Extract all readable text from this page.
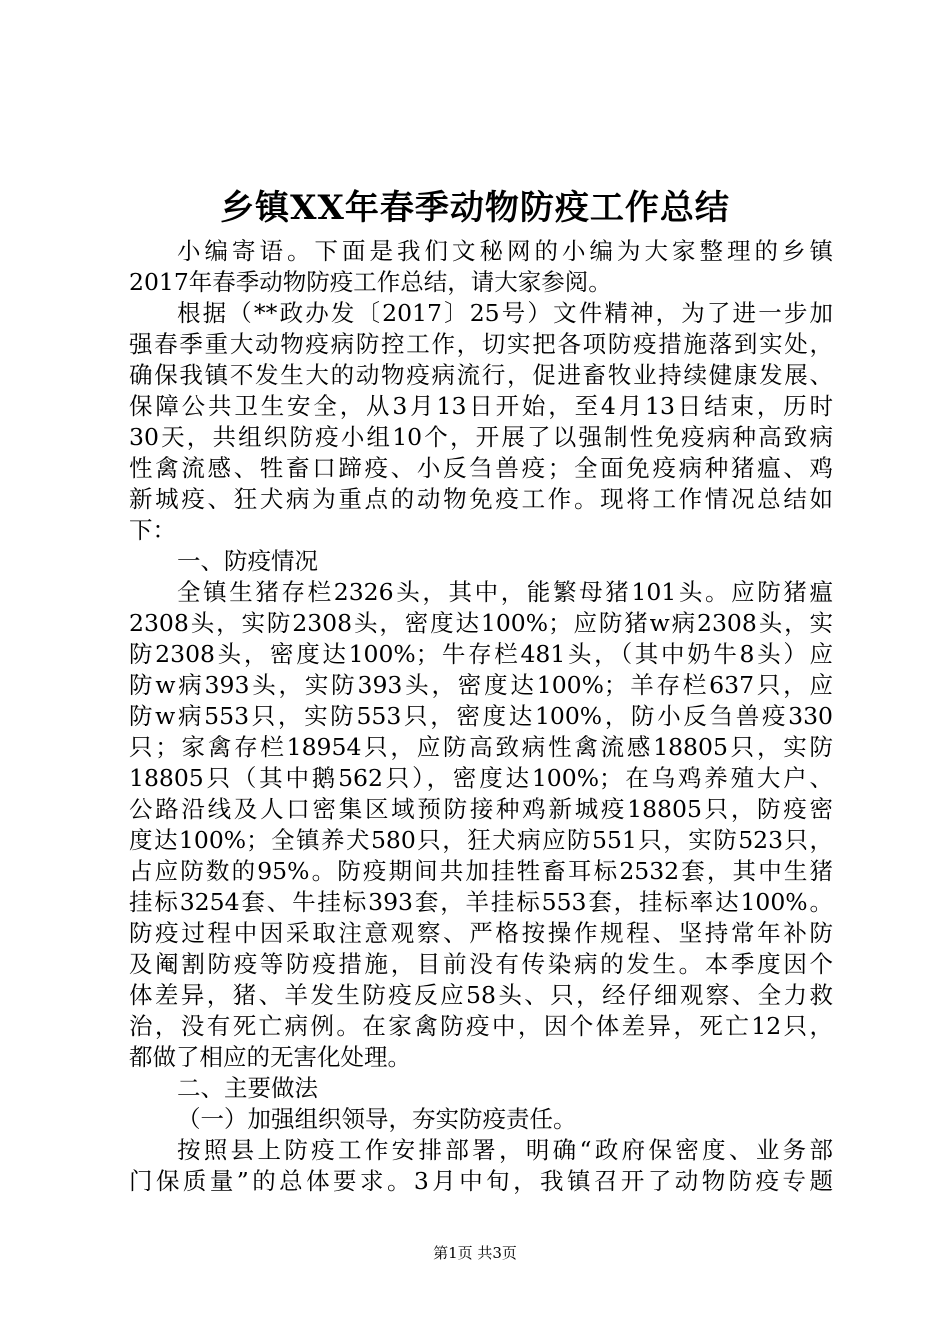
乡镇XX年春季动物防疫工作总结
小编寄语。下面是我们文秘网的小编为大家整理的乡镇
2017年春季动物防疫工作总结，请大家参阅。
根据（**政办发〔2017〕25号）文件精神，为了进一步加
强春季重大动物疫病防控工作，切实把各项防疫措施落到实处，
确保我镇不发生大的动物疫病流行，促进畜牧业持续健康发展、
保障公共卫生安全，从3月13日开始，至4月13日结束，历时
30天，共组织防疫小组10个，开展了以强制性免疫病种高致病
性禽流感、牲畜口蹄疫、小反刍兽疫；全面免疫病种猪瘟、鸡
新城疫、狂犬病为重点的动物免疫工作。现将工作情况总结如
下：
一、防疫情况
全镇生猪存栏2326头，其中，能繁母猪101头。应防猪瘟
2308头，实防2308头，密度达100%；应防猪w病2308头，实
防2308头，密度达100%；牛存栏481头，（其中奶牛8头）应
防w病393头，实防393头，密度达100%；羊存栏637只，应
防w病553只，实防553只，密度达100%，防小反刍兽疫330
只；家禽存栏18954只，应防高致病性禽流感18805只，实防
18805只（其中鹅562只），密度达100%；在乌鸡养殖大户、
公路沿线及人口密集区域预防接种鸡新城疫18805只，防疫密
度达100%；全镇养犬580只，狂犬病应防551只，实防523只，
占应防数的95%。防疫期间共加挂牲畜耳标2532套，其中生猪
挂标3254套、牛挂标393套，羊挂标553套，挂标率达100%。
防疫过程中因采取注意观察、严格按操作规程、坚持常年补防
及阉割防疫等防疫措施，目前没有传染病的发生。本季度因个
体差异，猪、羊发生防疫反应58头、只，经仔细观察、全力救
治，没有死亡病例。在家禽防疫中，因个体差异，死亡12只，
都做了相应的无害化处理。
二、主要做法
（一）加强组织领导，夯实防疫责任。
按照县上防疫工作安排部署，明确“政府保密度、业务部
门保质量”的总体要求。3月中旬，我镇召开了动物防疫专题
第1页 共3页
